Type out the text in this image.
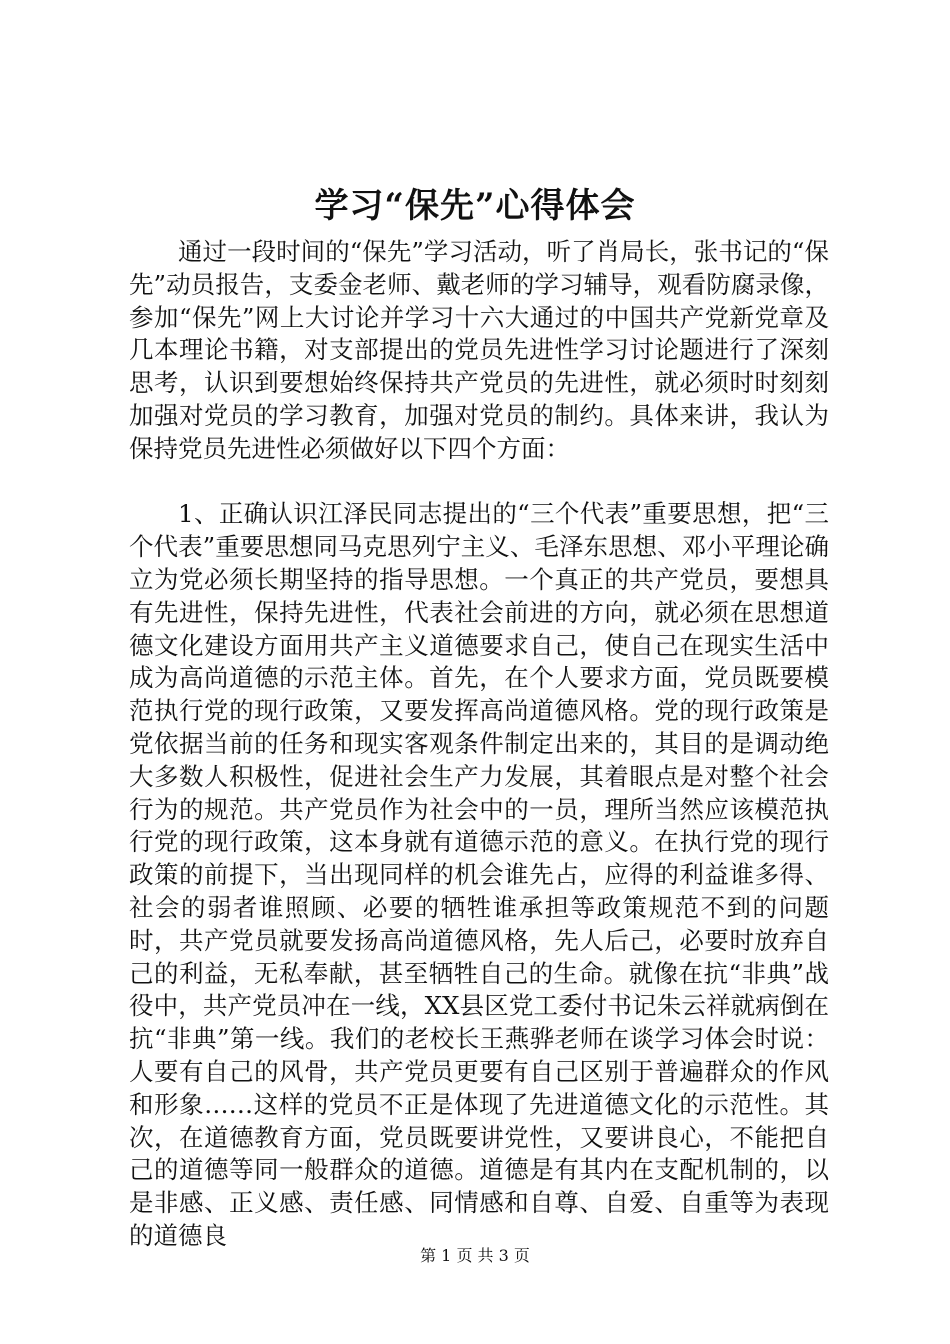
学习“保先”心得体会

通过一段时间的“保先”学习活动，听了肖局长，张书记的“保先”动员报告，支委金老师、戴老师的学习辅导，观看防腐录像，参加“保先”网上大讨论并学习十六大通过的中国共产党新党章及几本理论书籍，对支部提出的党员先进性学习讨论题进行了深刻思考，认识到要想始终保持共产党员的先进性，就必须时时刻刻加强对党员的学习教育，加强对党员的制约。具体来讲，我认为保持党员先进性必须做好以下四个方面：

1、正确认识江泽民同志提出的“三个代表”重要思想，把“三个代表”重要思想同马克思列宁主义、毛泽东思想、邓小平理论确立为党必须长期坚持的指导思想。一个真正的共产党员，要想具有先进性，保持先进性，代表社会前进的方向，就必须在思想道德文化建设方面用共产主义道德要求自己，使自己在现实生活中成为高尚道德的示范主体。首先，在个人要求方面，党员既要模范执行党的现行政策，又要发挥高尚道德风格。党的现行政策是党依据当前的任务和现实客观条件制定出来的，其目的是调动绝大多数人积极性，促进社会生产力发展，其着眼点是对整个社会行为的规范。共产党员作为社会中的一员，理所当然应该模范执行党的现行政策，这本身就有道德示范的意义。在执行党的现行政策的前提下，当出现同样的机会谁先占，应得的利益谁多得、社会的弱者谁照顾、必要的牺牲谁承担等政策规范不到的问题时，共产党员就要发扬高尚道德风格，先人后己，必要时放弃自己的利益，无私奉献，甚至牺牲自己的生命。就像在抗“非典”战役中，共产党员冲在一线，XX县区党工委付书记朱云祥就病倒在抗“非典”第一线。我们的老校长王燕骅老师在谈学习体会时说：人要有自己的风骨，共产党员更要有自己区别于普遍群众的作风和形象……这样的党员不正是体现了先进道德文化的示范性。其次，在道德教育方面，党员既要讲党性，又要讲良心，不能把自己的道德等同一般群众的道德。道德是有其内在支配机制的，以是非感、正义感、责任感、同情感和自尊、自爱、自重等为表现的道德良

第 1 页 共 3 页
